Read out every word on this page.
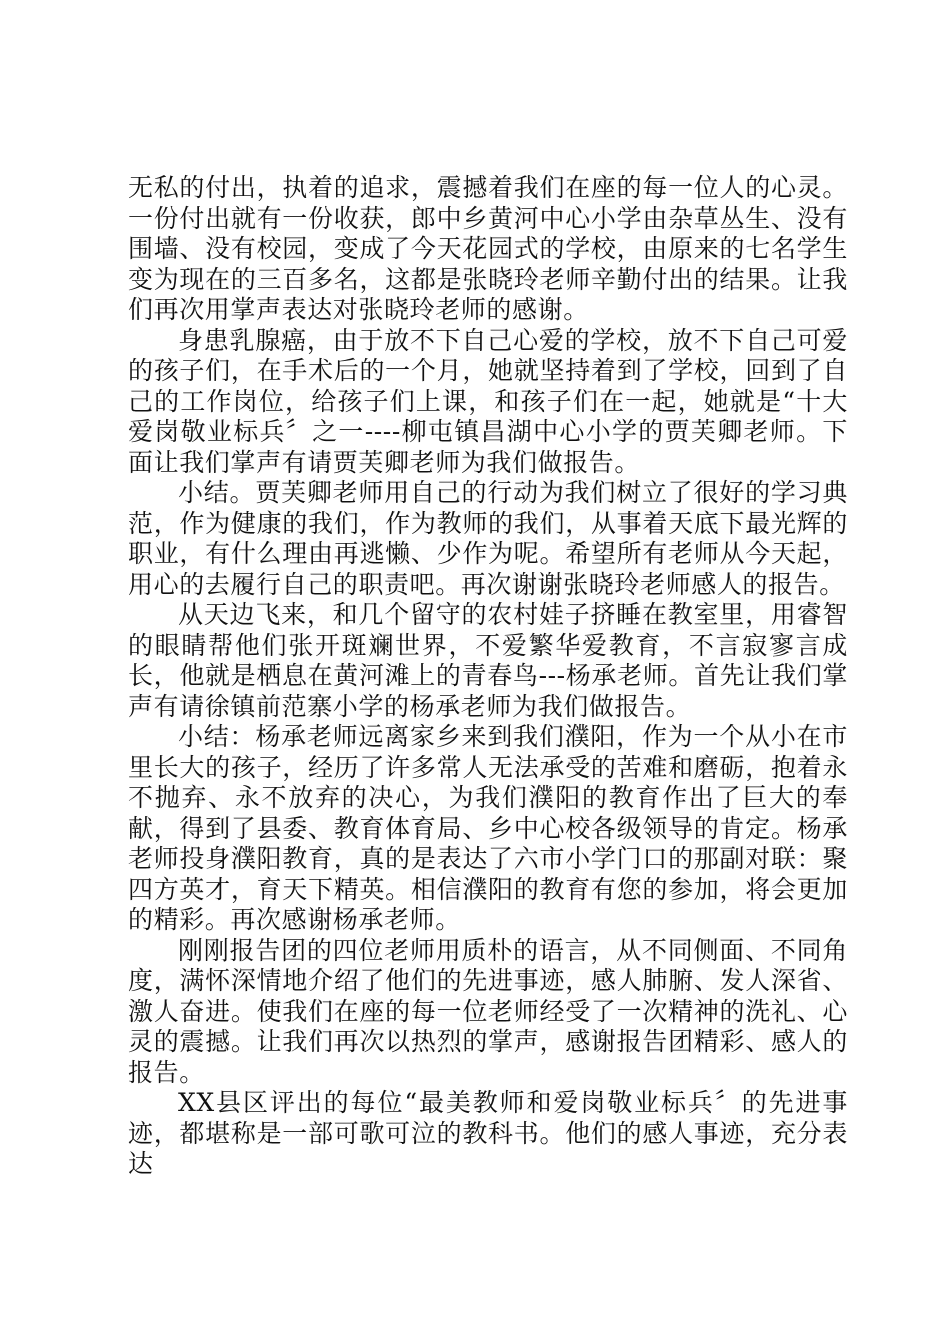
无私的付出，执着的追求，震撼着我们在座的每一位人的心灵。一份付出就有一份收获，郎中乡黄河中心小学由杂草丛生、没有围墙、没有校园，变成了今天花园式的学校，由原来的七名学生变为现在的三百多名，这都是张晓玲老师辛勤付出的结果。让我们再次用掌声表达对张晓玲老师的感谢。

身患乳腺癌，由于放不下自己心爱的学校，放不下自己可爱的孩子们，在手术后的一个月，她就坚持着到了学校，回到了自己的工作岗位，给孩子们上课，和孩子们在一起，她就是“十大爱岗敬业标兵〞之一----柳屯镇昌湖中心小学的贾芙卿老师。下面让我们掌声有请贾芙卿老师为我们做报告。

小结。贾芙卿老师用自己的行动为我们树立了很好的学习典范，作为健康的我们，作为教师的我们，从事着天底下最光辉的职业，有什么理由再逃懒、少作为呢。希望所有老师从今天起，用心的去履行自己的职责吧。再次谢谢张晓玲老师感人的报告。

从天边飞来，和几个留守的农村娃子挤睡在教室里，用睿智的眼睛帮他们张开斑斓世界，不爱繁华爱教育，不言寂寥言成长，他就是栖息在黄河滩上的青春鸟---杨承老师。首先让我们掌声有请徐镇前范寨小学的杨承老师为我们做报告。

小结：杨承老师远离家乡来到我们濮阳，作为一个从小在市里长大的孩子，经历了许多常人无法承受的苦难和磨砺，抱着永不抛弃、永不放弃的决心，为我们濮阳的教育作出了巨大的奉献，得到了县委、教育体育局、乡中心校各级领导的肯定。杨承老师投身濮阳教育，真的是表达了六市小学门口的那副对联：聚四方英才，育天下精英。相信濮阳的教育有您的参加，将会更加的精彩。再次感谢杨承老师。

刚刚报告团的四位老师用质朴的语言，从不同侧面、不同角度，满怀深情地介绍了他们的先进事迹，感人肺腑、发人深省、激人奋进。使我们在座的每一位老师经受了一次精神的洗礼、心灵的震撼。让我们再次以热烈的掌声，感谢报告团精彩、感人的报告。

XX县区评出的每位“最美教师和爱岗敬业标兵〞的先进事迹，都堪称是一部可歌可泣的教科书。他们的感人事迹，充分表达
